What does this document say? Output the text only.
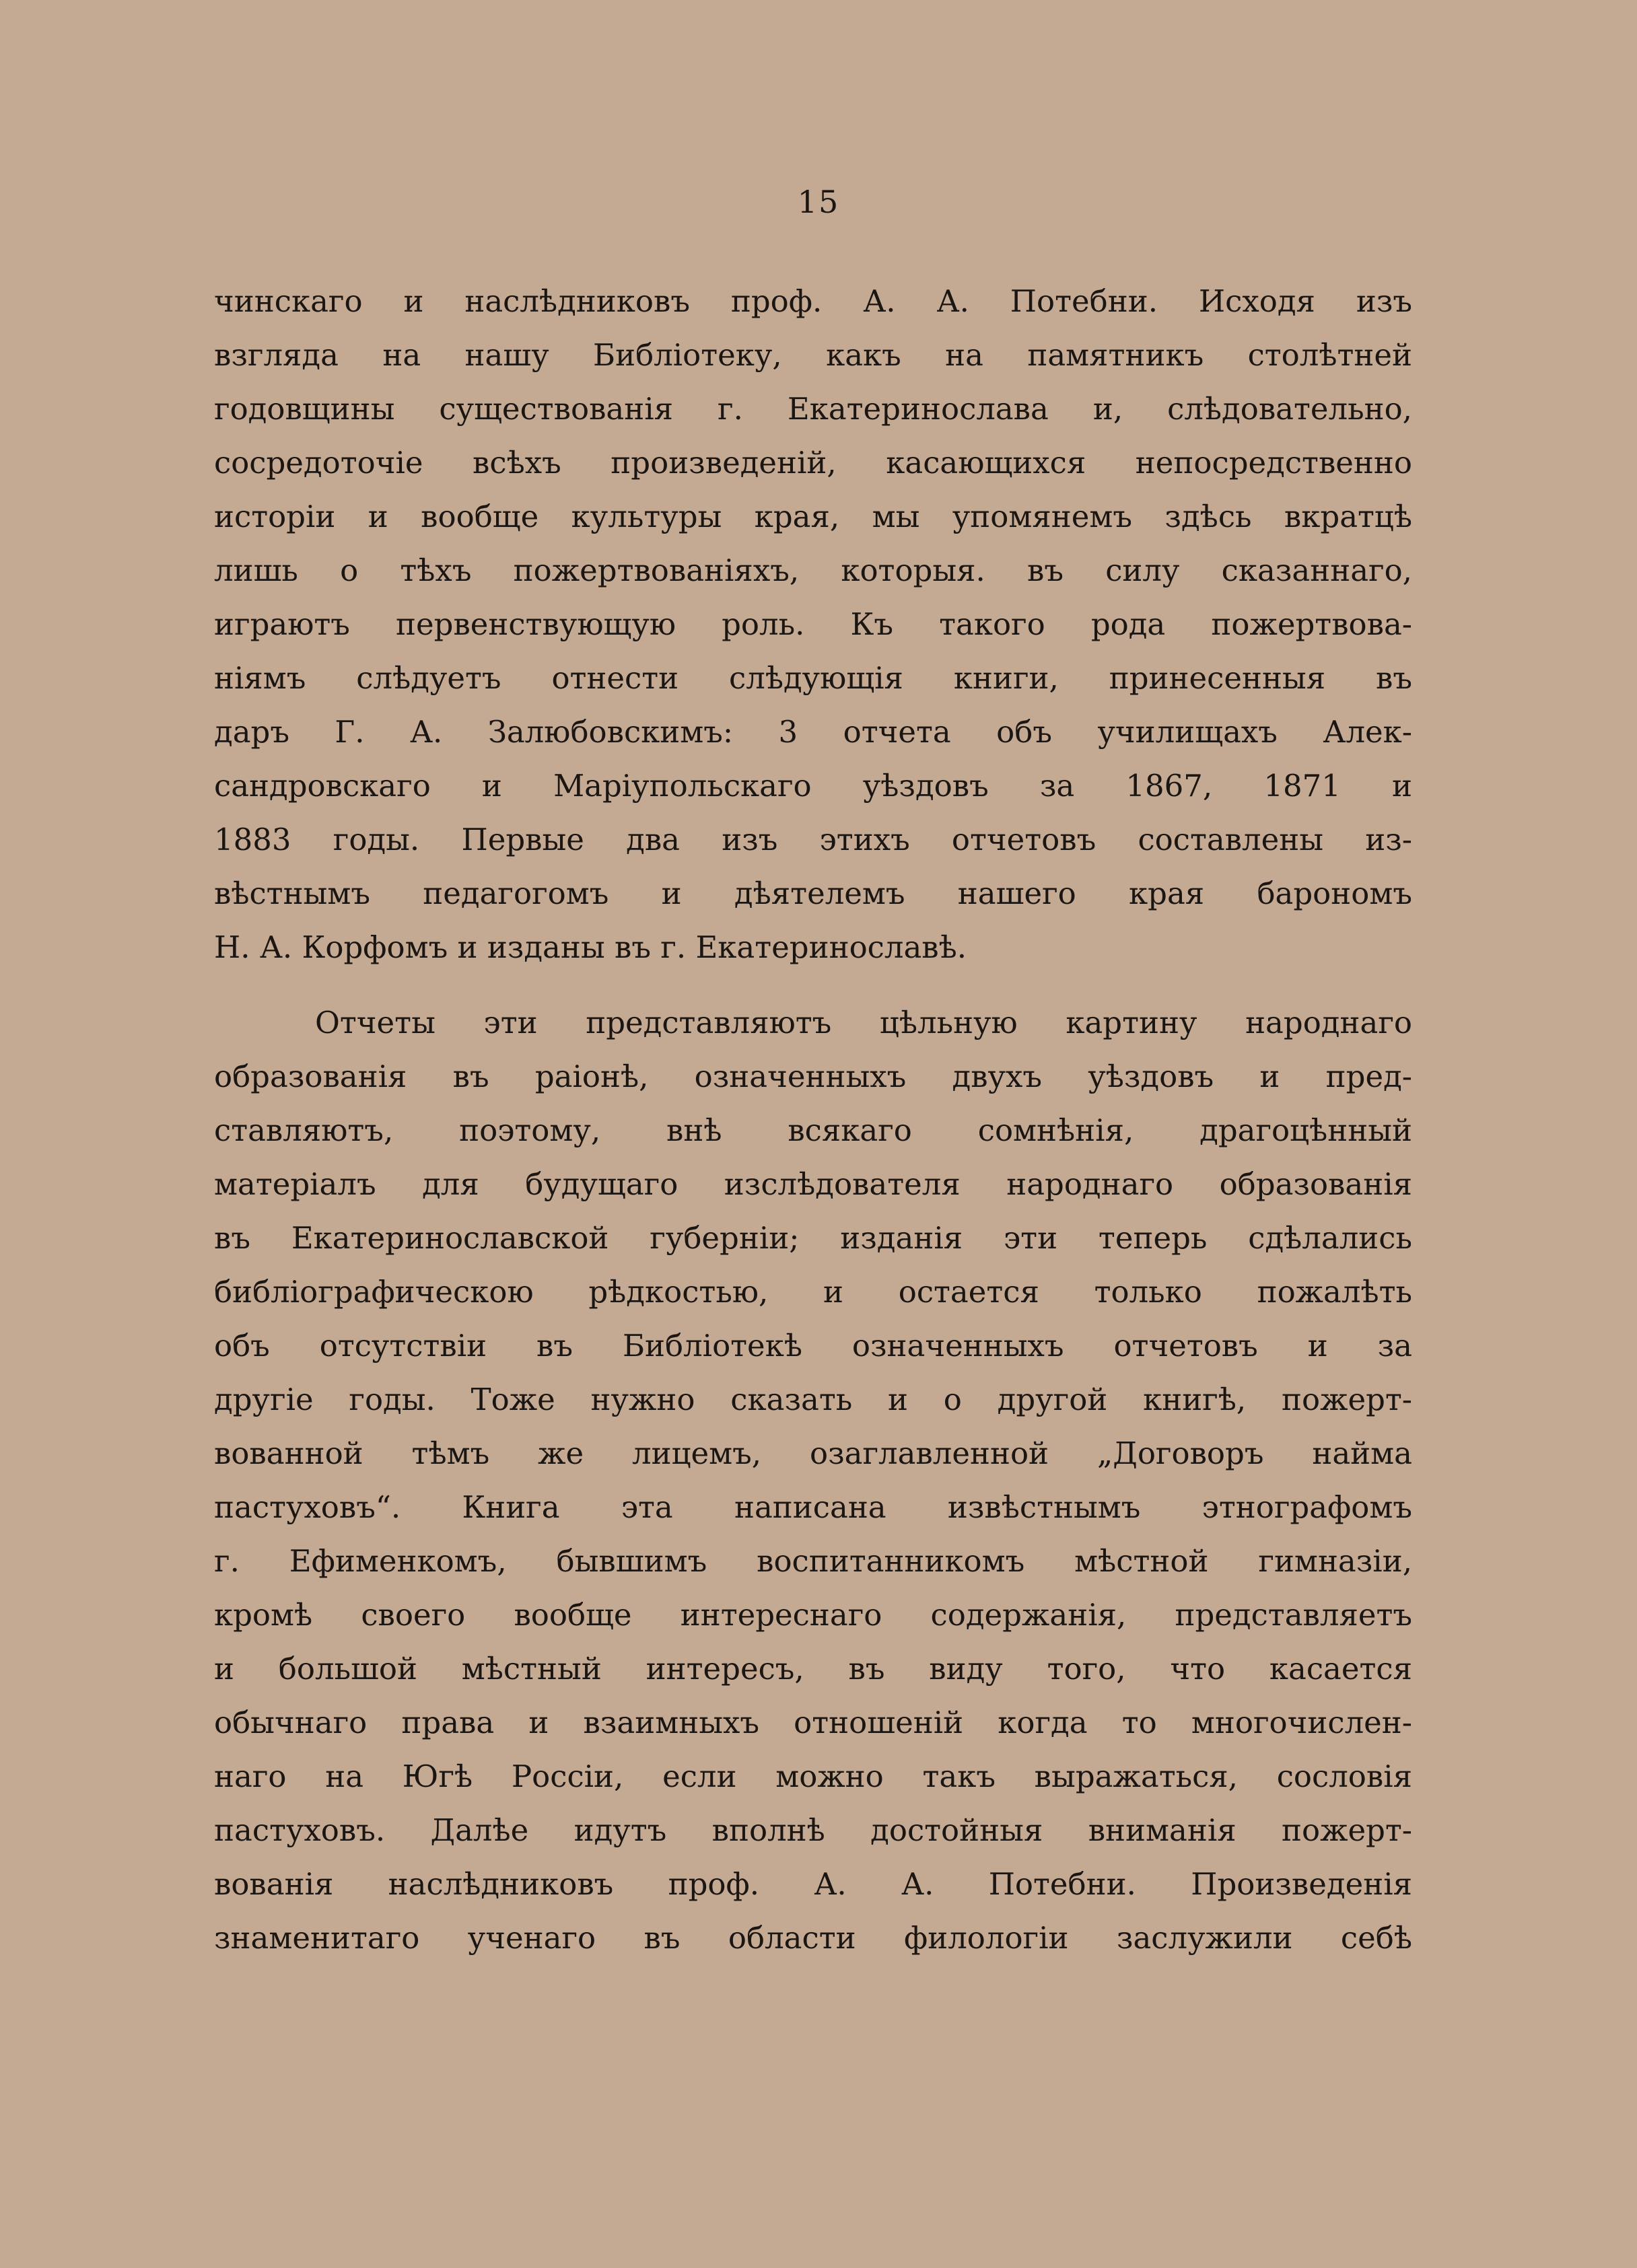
15
чинскаго и наслѣдниковъ проф. А. А. Потебни. Исходя изъ
взгляда на нашу Библіотеку, какъ на памятникъ столѣтней
годовщины существованія г. Екатеринослава и, слѣдовательно,
сосредоточіе всѣхъ произведеній, касающихся непосредственно
исторіи и вообще культуры края, мы упомянемъ здѣсь вкратцѣ
лишь о тѣхъ пожертвованіяхъ, которыя. въ силу сказаннаго,
играютъ первенствующую роль. Къ такого рода пожертвова-
ніямъ слѣдуетъ отнести слѣдующія книги, принесенныя въ
даръ Г. А. Залюбовскимъ: 3 отчета объ училищахъ Алек-
сандровскаго и Маріупольскаго уѣздовъ за 1867, 1871 и
1883 годы. Первые два изъ этихъ отчетовъ составлены из-
вѣстнымъ педагогомъ и дѣятелемъ нашего края барономъ
Н. А. Корфомъ и изданы въ г. Екатеринославѣ.
Отчеты эти представляютъ цѣльную картину народнаго
образованія въ раіонѣ, означенныхъ двухъ уѣздовъ и пред-
ставляютъ, поэтому, внѣ всякаго сомнѣнія, драгоцѣнный
матеріалъ для будущаго изслѣдователя народнаго образованія
въ Екатеринославской губерніи; изданія эти теперь сдѣлались
библіографическою рѣдкостью, и остается только пожалѣть
объ отсутствіи въ Библіотекѣ означенныхъ отчетовъ и за
другіе годы. Тоже нужно сказать и о другой книгѣ, пожерт-
вованной тѣмъ же лицемъ, озаглавленной „Договоръ найма
пастуховъ“. Книга эта написана извѣстнымъ этнографомъ
г. Ефименкомъ, бывшимъ воспитанникомъ мѣстной гимназіи,
кромѣ своего вообще интереснаго содержанія, представляетъ
и большой мѣстный интересъ, въ виду того, что касается
обычнаго права и взаимныхъ отношеній когда то многочислен-
наго на Югѣ Россіи, если можно такъ выражаться, сословія
пастуховъ. Далѣе идутъ вполнѣ достойныя вниманія пожерт-
вованія наслѣдниковъ проф. А. А. Потебни. Произведенія
знаменитаго ученаго въ области филологіи заслужили себѣ
